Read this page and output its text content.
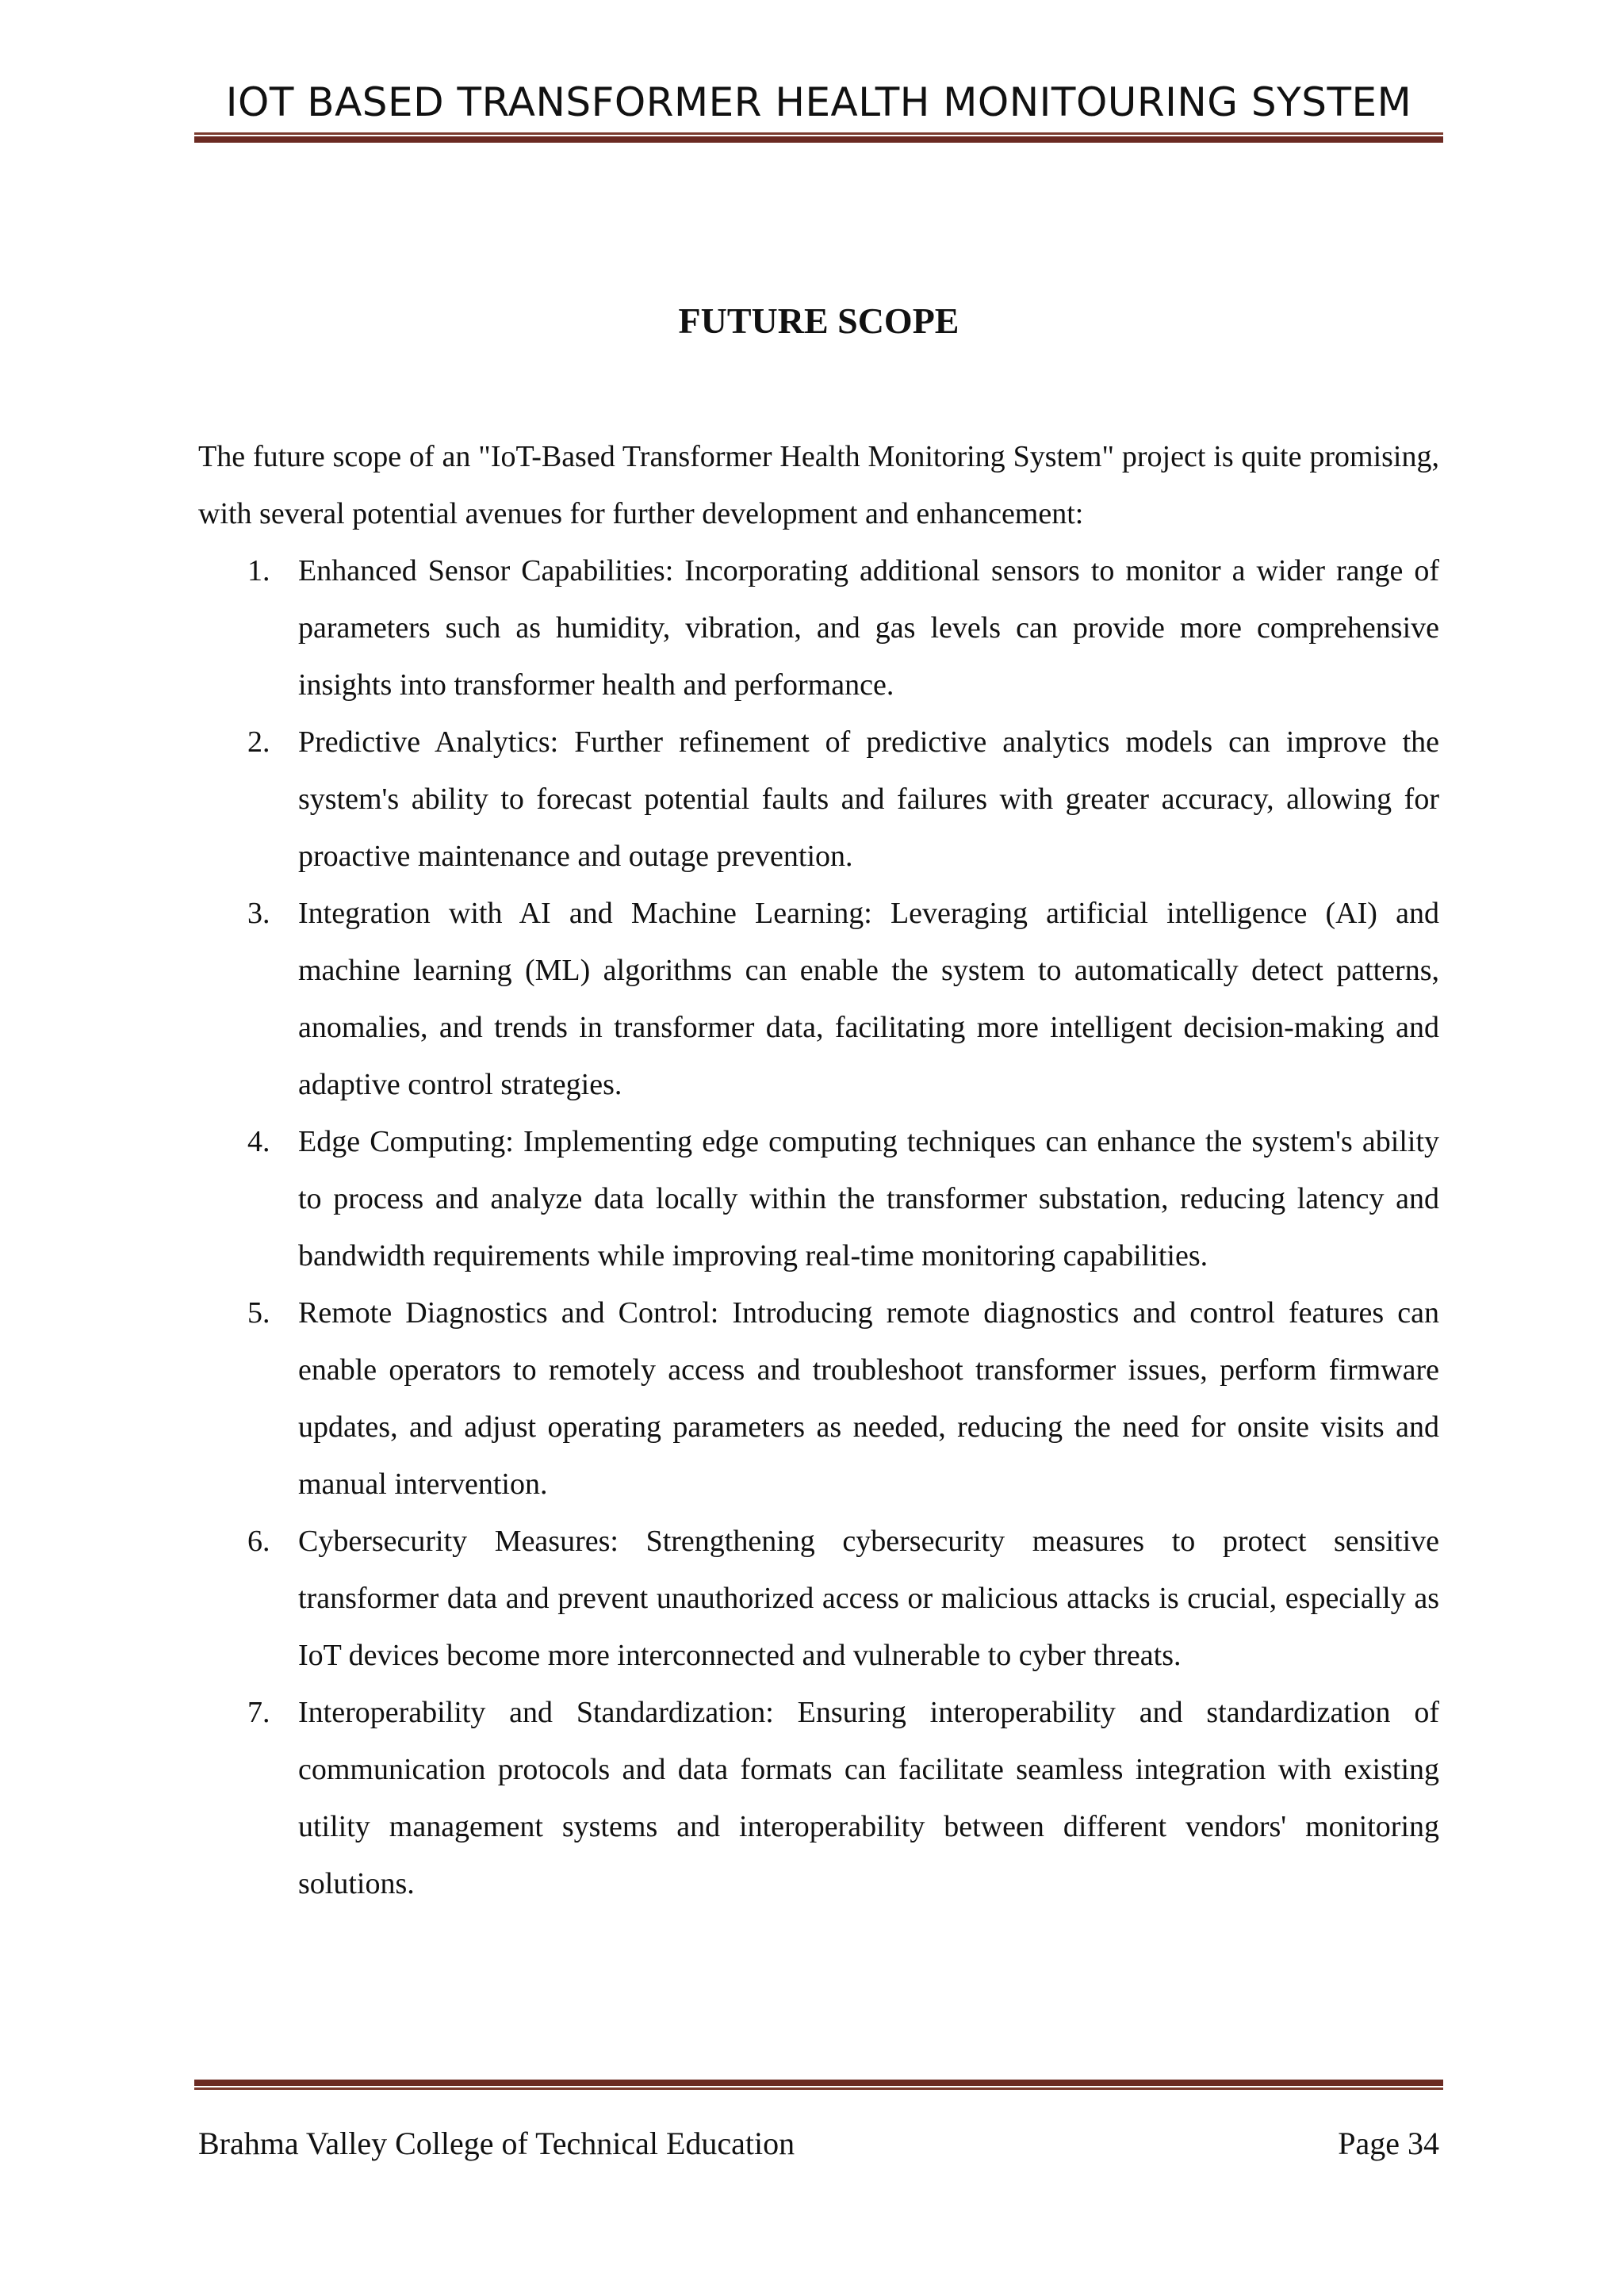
IOT BASED TRANSFORMER HEALTH MONITOURING SYSTEM
FUTURE SCOPE

The future scope of an "IoT-Based Transformer Health Monitoring System" project is quite promising, with several potential avenues for further development and enhancement:

1. Enhanced Sensor Capabilities: Incorporating additional sensors to monitor a wider range of parameters such as humidity, vibration, and gas levels can provide more comprehensive insights into transformer health and performance.
2. Predictive Analytics: Further refinement of predictive analytics models can improve the system's ability to forecast potential faults and failures with greater accuracy, allowing for proactive maintenance and outage prevention.
3. Integration with AI and Machine Learning: Leveraging artificial intelligence (AI) and machine learning (ML) algorithms can enable the system to automatically detect patterns, anomalies, and trends in transformer data, facilitating more intelligent decision-making and adaptive control strategies.
4. Edge Computing: Implementing edge computing techniques can enhance the system's ability to process and analyze data locally within the transformer substation, reducing latency and bandwidth requirements while improving real-time monitoring capabilities.
5. Remote Diagnostics and Control: Introducing remote diagnostics and control features can enable operators to remotely access and troubleshoot transformer issues, perform firmware updates, and adjust operating parameters as needed, reducing the need for onsite visits and manual intervention.
6. Cybersecurity Measures: Strengthening cybersecurity measures to protect sensitive transformer data and prevent unauthorized access or malicious attacks is crucial, especially as IoT devices become more interconnected and vulnerable to cyber threats.
7. Interoperability and Standardization: Ensuring interoperability and standardization of communication protocols and data formats can facilitate seamless integration with existing utility management systems and interoperability between different vendors' monitoring solutions.
Brahma Valley College of Technical Education	Page 34
